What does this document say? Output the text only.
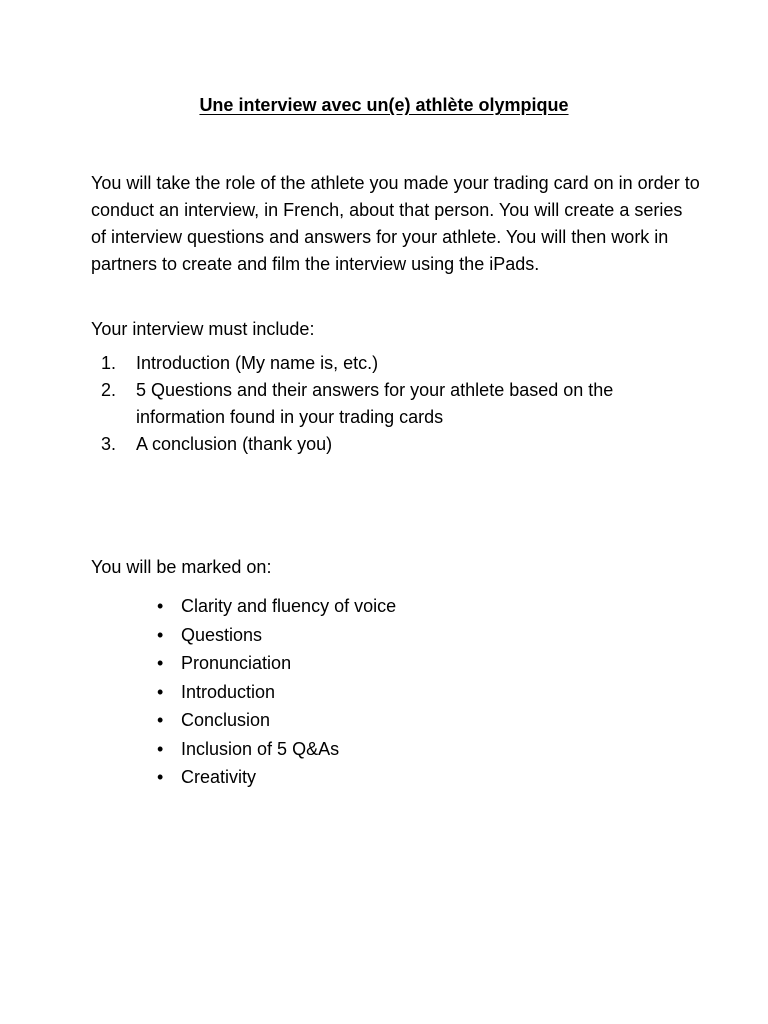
Une interview avec un(e) athlète olympique

You will take the role of the athlete you made your trading card on in order to conduct an interview, in French, about that person. You will create a series of interview questions and answers for your athlete. You will then work in partners to create and film the interview using the iPads.

Your interview must include:

1. Introduction (My name is, etc.)
2. 5 Questions and their answers for your athlete based on the information found in your trading cards
3. A conclusion (thank you)

You will be marked on:

• Clarity and fluency of voice
• Questions
• Pronunciation
• Introduction
• Conclusion
• Inclusion of 5 Q&As
• Creativity
